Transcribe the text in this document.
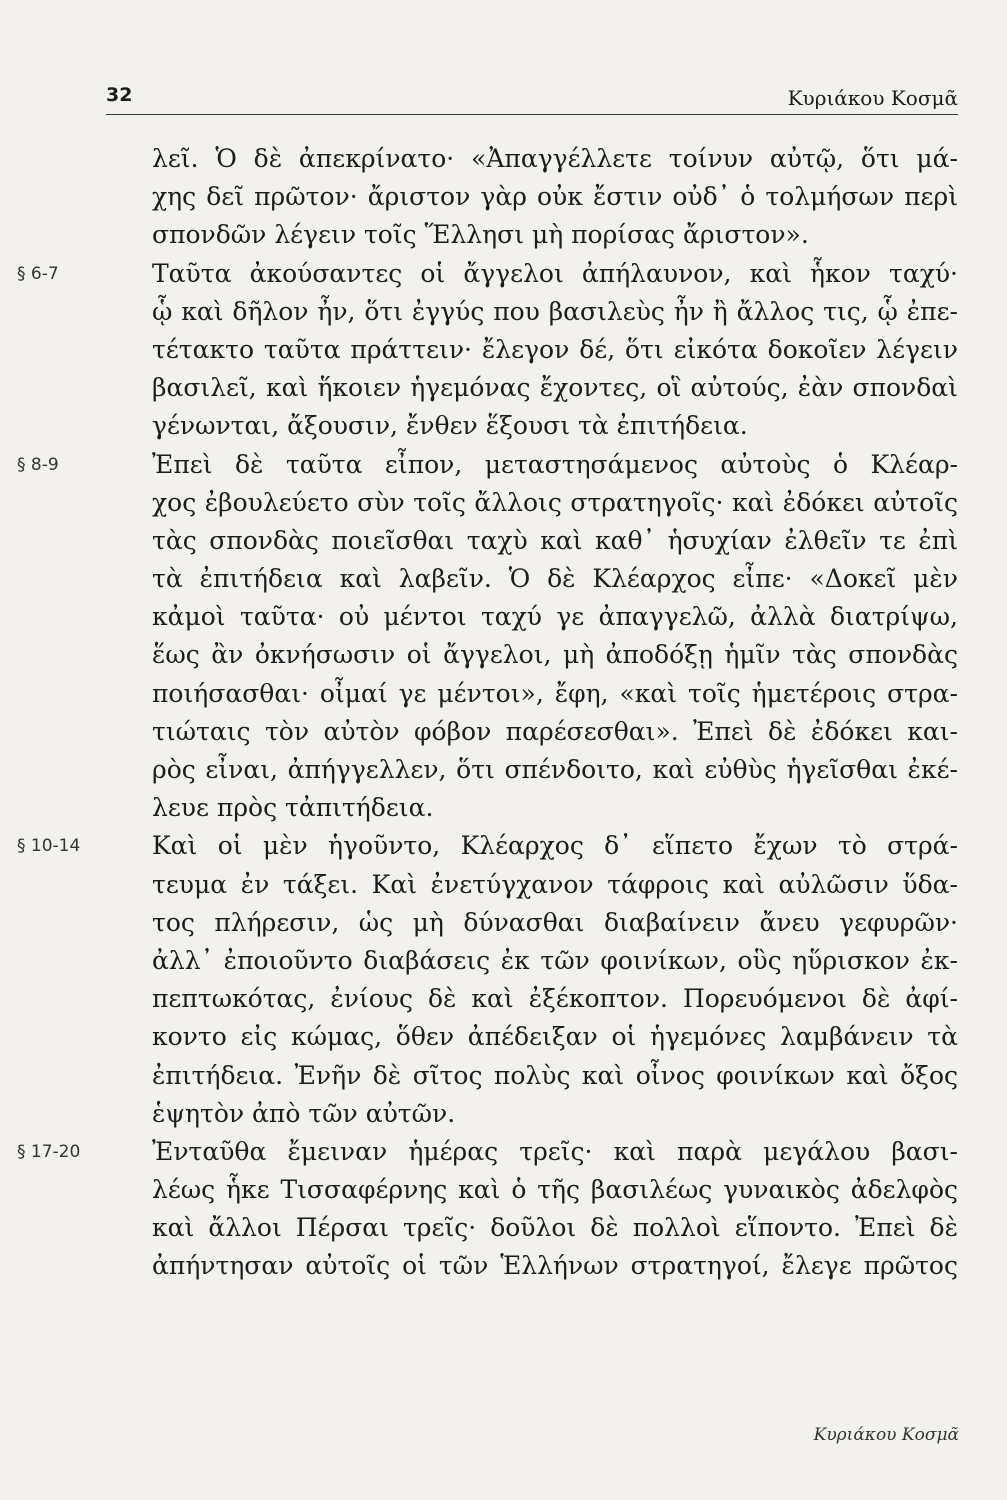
32	Κυριάκου Κοσμᾶ
λεῖ. Ὁ δὲ ἀπεκρίνατο· «Ἀπαγγέλλετε τοίνυν αὐτῷ, ὅτι μά-
χης δεῖ πρῶτον· ἄριστον γὰρ οὐκ ἔστιν οὐδ᾽ ὁ τολμήσων περὶ
σπονδῶν λέγειν τοῖς Ἕλλησι μὴ πορίσας ἄριστον».
§ 6-7	Ταῦτα ἀκούσαντες οἱ ἄγγελοι ἀπήλαυνον, καὶ ἧκον ταχύ·
ᾧ καὶ δῆλον ἦν, ὅτι ἐγγύς που βασιλεὺς ἦν ἢ ἄλλος τις, ᾧ ἐπε-
τέτακτο ταῦτα πράττειν· ἔλεγον δέ, ὅτι εἰκότα δοκοῖεν λέγειν
βασιλεῖ, καὶ ἥκοιεν ἡγεμόνας ἔχοντες, οἳ αὐτούς, ἐὰν σπονδαὶ
γένωνται, ἄξουσιν, ἔνθεν ἕξουσι τὰ ἐπιτήδεια.
§ 8-9	Ἐπεὶ δὲ ταῦτα εἶπον, μεταστησάμενος αὐτοὺς ὁ Κλέαρ-
χος ἐβουλεύετο σὺν τοῖς ἄλλοις στρατηγοῖς· καὶ ἐδόκει αὐτοῖς
τὰς σπονδὰς ποιεῖσθαι ταχὺ καὶ καθ᾽ ἡσυχίαν ἐλθεῖν τε ἐπὶ
τὰ ἐπιτήδεια καὶ λαβεῖν. Ὁ δὲ Κλέαρχος εἶπε· «Δοκεῖ μὲν
κἀμοὶ ταῦτα· οὐ μέντοι ταχύ γε ἀπαγγελῶ, ἀλλὰ διατρίψω,
ἕως ἂν ὀκνήσωσιν οἱ ἄγγελοι, μὴ ἀποδόξῃ ἡμῖν τὰς σπονδὰς
ποιήσασθαι· οἶμαί γε μέντοι», ἔφη, «καὶ τοῖς ἡμετέροις στρα-
τιώταις τὸν αὐτὸν φόβον παρέσεσθαι». Ἐπεὶ δὲ ἐδόκει και-
ρὸς εἶναι, ἀπήγγελλεν, ὅτι σπένδοιτο, καὶ εὐθὺς ἡγεῖσθαι ἐκέ-
λευε πρὸς τἀπιτήδεια.
§ 10-14	Καὶ οἱ μὲν ἡγοῦντο, Κλέαρχος δ᾽ εἵπετο ἔχων τὸ στρά-
τευμα ἐν τάξει. Καὶ ἐνετύγχανον τάφροις καὶ αὐλῶσιν ὕδα-
τος πλήρεσιν, ὡς μὴ δύνασθαι διαβαίνειν ἄνευ γεφυρῶν·
ἀλλ᾽ ἐποιοῦντο διαβάσεις ἐκ τῶν φοινίκων, οὓς ηὕρισκον ἐκ-
πεπτωκότας, ἐνίους δὲ καὶ ἐξέκοπτον. Πορευόμενοι δὲ ἀφί-
κοντο εἰς κώμας, ὅθεν ἀπέδειξαν οἱ ἡγεμόνες λαμβάνειν τὰ
ἐπιτήδεια. Ἐνῆν δὲ σῖτος πολὺς καὶ οἶνος φοινίκων καὶ ὄξος
ἑψητὸν ἀπὸ τῶν αὐτῶν.
§ 17-20	Ἐνταῦθα ἔμειναν ἡμέρας τρεῖς· καὶ παρὰ μεγάλου βασι-
λέως ἧκε Τισσαφέρνης καὶ ὁ τῆς βασιλέως γυναικὸς ἀδελφὸς
καὶ ἄλλοι Πέρσαι τρεῖς· δοῦλοι δὲ πολλοὶ εἵποντο. Ἐπεὶ δὲ
ἀπήντησαν αὐτοῖς οἱ τῶν Ἑλλήνων στρατηγοί, ἔλεγε πρῶτος
Κυριάκου Κοσμᾶ
